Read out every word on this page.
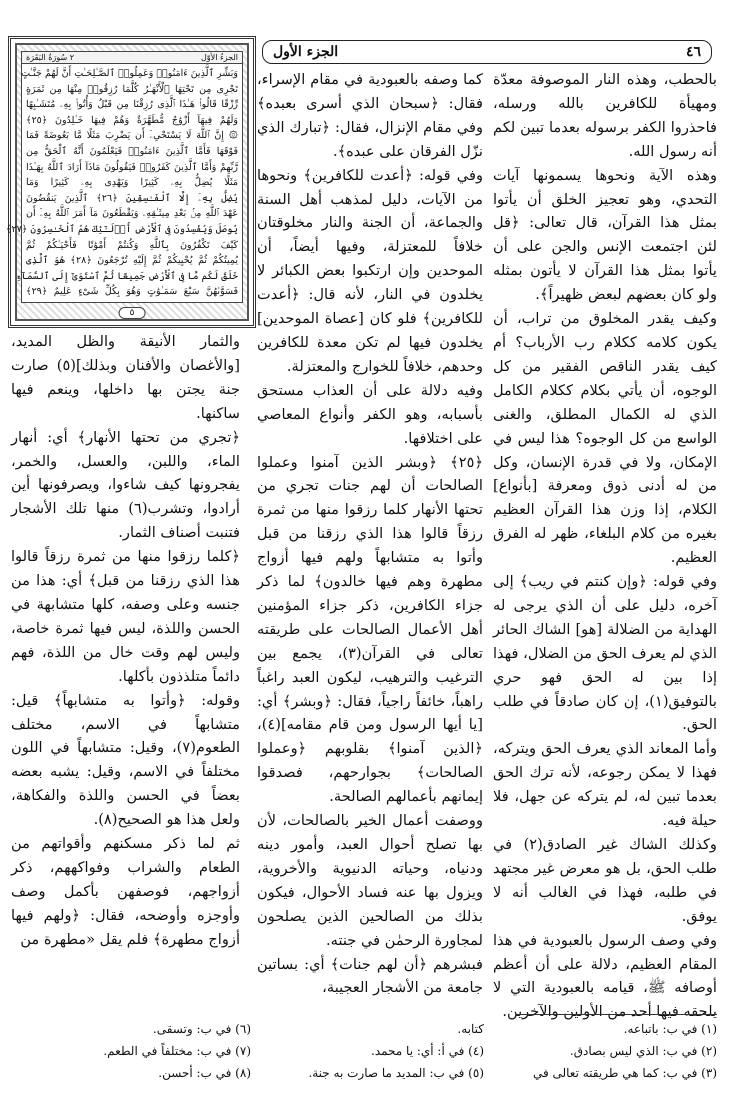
٤٦
الجزء الأول
الجزءُ الأوّل
٢ سُورَةُ البَقَرَة
وَبَشِّرِ ٱلَّذِينَ ءَامَنُوا۟ وَعَمِلُوا۟ ٱلصَّـٰلِحَـٰتِ أَنَّ لَهُمْ جَنَّـٰتٍ
تَجْرِى مِن تَحْتِهَا ٱلْأَنْهَـٰرُ كُلَّمَا رُزِقُوا۟ مِنْهَا مِن ثَمَرَةٍ
رِّزْقًا قَالُوا۟ هَـٰذَا ٱلَّذِى رُزِقْنَا مِن قَبْلُ وَأُتُوا۟ بِهِۦ مُتَشَـٰبِهًا
وَلَهُمْ فِيهَآ أَزْوَٰجٌ مُّطَهَّرَةٌ وَهُمْ فِيهَا خَـٰلِدُونَ ﴿٢٥﴾
۞ إِنَّ ٱللَّهَ لَا يَسْتَحْىِۦٓ أَن يَضْرِبَ مَثَلًا مَّا بَعُوضَةً فَمَا
فَوْقَهَا فَأَمَّا ٱلَّذِينَ ءَامَنُوا۟ فَيَعْلَمُونَ أَنَّهُ ٱلْحَقُّ مِن
رَّبِّهِمْ وَأَمَّا ٱلَّذِينَ كَفَرُوا۟ فَيَقُولُونَ مَاذَآ أَرَادَ ٱللَّهُ بِهَـٰذَا
مَثَلًا يُضِلُّ بِهِۦ كَثِيرًا وَيَهْدِى بِهِۦ كَثِيرًا وَمَا
يُضِلُّ بِهِۦٓ إِلَّا ٱلْفَـٰسِقِينَ ﴿٢٦﴾ ٱلَّذِينَ يَنقُضُونَ
عَهْدَ ٱللَّهِ مِنۢ بَعْدِ مِيثَـٰقِهِۦ وَيَقْطَعُونَ مَآ أَمَرَ ٱللَّهُ بِهِۦٓ أَن
يُوصَلَ وَيُفْسِدُونَ فِى ٱلْأَرْضِ أُو۟لَـٰٓئِكَ هُمُ ٱلْخَـٰسِرُونَ ﴿٢٧﴾
كَيْفَ تَكْفُرُونَ بِٱللَّهِ وَكُنتُمْ أَمْوَٰتًا فَأَحْيَـٰكُمْ ثُمَّ
يُمِيتُكُمْ ثُمَّ يُحْيِيكُمْ ثُمَّ إِلَيْهِ تُرْجَعُونَ ﴿٢٨﴾ هُوَ ٱلَّذِى
خَلَقَ لَكُم مَّا فِى ٱلْأَرْضِ جَمِيعًا ثُمَّ ٱسْتَوَىٰٓ إِلَى ٱلسَّمَآءِ
فَسَوَّىٰهُنَّ سَبْعَ سَمَـٰوَٰتٍ وَهُوَ بِكُلِّ شَىْءٍ عَلِيمٌ ﴿٢٩﴾
٥

بالحطب، وهذه النار الموصوفة معدّة ومهيأة للكافرين بالله ورسله، فاحذروا الكفر برسوله بعدما تبين لكم أنه رسول الله.

وهذه الآية ونحوها يسمونها آيات التحدي، وهو تعجيز الخلق أن يأتوا بمثل هذا القرآن، قال تعالى: ﴿قل لئن اجتمعت الإنس والجن على أن يأتوا بمثل هذا القرآن لا يأتون بمثله ولو كان بعضهم لبعض ظهيراً﴾.

وكيف يقدر المخلوق من تراب، أن يكون كلامه ككلام رب الأرباب؟ أم كيف يقدر الناقص الفقير من كل الوجوه، أن يأتي بكلام ككلام الكامل الذي له الكمال المطلق، والغنى الواسع من كل الوجوه؟ هذا ليس في الإمكان، ولا في قدرة الإنسان، وكل من له أدنى ذوق ومعرفة [بأنواع] الكلام، إذا وزن هذا القرآن العظيم بغيره من كلام البلغاء، ظهر له الفرق العظيم.

وفي قوله: ﴿وإن كنتم في ريب﴾ إلى آخره، دليل على أن الذي يرجى له الهداية من الضلالة [هو] الشاك الحائر الذي لم يعرف الحق من الضلال، فهذا إذا بين له الحق فهو حري بالتوفيق(١)، إن كان صادقاً في طلب الحق.

وأما المعاند الذي يعرف الحق ويتركه، فهذا لا يمكن رجوعه، لأنه ترك الحق بعدما تبين له، لم يتركه عن جهل، فلا حيلة فيه.

وكذلك الشاك غير الصادق(٢) في طلب الحق، بل هو معرض غير مجتهد في طلبه، فهذا في الغالب أنه لا يوفق.

وفي وصف الرسول بالعبودية في هذا المقام العظيم، دلالة على أن أعظم أوصافه ﷺ، قيامه بالعبودية التي لا يلحقه فيها أحد من الأولين والآخرين.

كما وصفه بالعبودية في مقام الإسراء، فقال: ﴿سبحان الذي أسرى بعبده﴾ وفي مقام الإنزال، فقال: ﴿تبارك الذي نزّل الفرقان على عبده﴾.

وفي قوله: ﴿أعدت للكافرين﴾ ونحوها من الآيات، دليل لمذهب أهل السنة والجماعة، أن الجنة والنار مخلوقتان خلافاً للمعتزلة، وفيها أيضاً، أن الموحدين وإن ارتكبوا بعض الكبائر لا يخلدون في النار، لأنه قال: ﴿أعدت للكافرين﴾ فلو كان [عصاة الموحدين] يخلدون فيها لم تكن معدة للكافرين وحدهم، خلافاً للخوارج والمعتزلة.

وفيه دلالة على أن العذاب مستحق بأسبابه، وهو الكفر وأنواع المعاصي على اختلافها.

﴿٢٥﴾ ﴿وبشر الذين آمنوا وعملوا الصالحات أن لهم جنات تجري من تحتها الأنهار كلما رزقوا منها من ثمرة رزقاً قالوا هذا الذي رزقنا من قبل وأتوا به متشابهاً ولهم فيها أزواج مطهرة وهم فيها خالدون﴾ لما ذكر جزاء الكافرين، ذكر جزاء المؤمنين أهل الأعمال الصالحات على طريقته تعالى في القرآن(٣)، يجمع بين الترغيب والترهيب، ليكون العبد راغباً راهباً، خائفاً راجياً، فقال: ﴿وبشر﴾ أي: [يا أيها الرسول ومن قام مقامه](٤)، ﴿الذين آمنوا﴾ بقلوبهم ﴿وعملوا الصالحات﴾ بجوارحهم، فصدقوا إيمانهم بأعمالهم الصالحة.

ووصفت أعمال الخير بالصالحات، لأن بها تصلح أحوال العبد، وأمور دينه ودنياه، وحياته الدنيوية والأخروية، ويزول بها عنه فساد الأحوال، فيكون بذلك من الصالحين الذين يصلحون لمجاورة الرحمٰن في جنته.

فبشرهم ﴿أن لهم جنات﴾ أي: بساتين جامعة من الأشجار العجيبة،

والثمار الأنيقة والظل المديد، [والأغصان والأفنان وبذلك](٥) صارت جنة يجتن بها داخلها، وينعم فيها ساكنها.

﴿تجري من تحتها الأنهار﴾ أي: أنهار الماء، واللبن، والعسل، والخمر، يفجرونها كيف شاءوا، ويصرفونها أين أرادوا، وتشرب(٦) منها تلك الأشجار فتنبت أصناف الثمار.

﴿كلما رزقوا منها من ثمرة رزقاً قالوا هذا الذي رزقنا من قبل﴾ أي: هذا من جنسه وعلى وصفه، كلها متشابهة في الحسن واللذة، ليس فيها ثمرة خاصة، وليس لهم وقت خال من اللذة، فهم دائماً متلذذون بأكلها.

وقوله: ﴿وأتوا به متشابهاً﴾ قيل: متشابهاً في الاسم، مختلف الطعوم(٧)، وقيل: متشابهاً في اللون مختلفاً في الاسم، وقيل: يشبه بعضه بعضاً في الحسن واللذة والفكاهة، ولعل هذا هو الصحيح(٨).

ثم لما ذكر مسكنهم وأقواتهم من الطعام والشراب وفواكههم، ذكر أزواجهم، فوصفهن بأكمل وصف وأوجزه وأوضحه، فقال: ﴿ولهم فيها أزواج مطهرة﴾ فلم يقل «مطهرة من

(١) في ب: باتباعه.
كتابه.
(٦) في ب: وتسقى.
(٢) في ب: الذي ليس بصادق.
(٤) في أ: أي: يا محمد.
(٧) في ب: مختلفاً في الطعم.
(٣) في ب: كما هي طريقته تعالى في
(٥) في ب: المديد ما صارت به جنة.
(٨) في ب: أحسن.
